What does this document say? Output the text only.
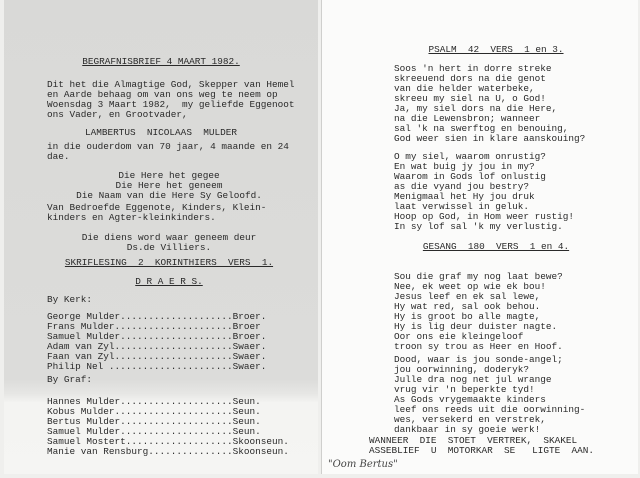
BEGRAFNISBRIEF 4 MAART 1982.
Dit het die Almagtige God, Skepper van Hemel
en Aarde behaag om van ons weg te neem op
Woensdag 3 Maart 1982,  my geliefde Eggenoot
ons Vader, en Grootvader,
LAMBERTUS  NICOLAAS  MULDER
in die ouderdom van 70 jaar, 4 maande en 24
dae.
Die Here het gegee
Die Here het geneem
Die Naam van die Here Sy Geloofd.
Van Bedroefde Eggenote, Kinders, Klein-
kinders en Agter-kleinkinders.
Die diens word waar geneem deur
Ds.de Villiers.
SKRIFLESING  2  KORINTHIERS  VERS  1.
D R A E R S.
By Kerk:
George Mulder....................Broer.
Frans Mulder.....................Broer
Samuel Mulder....................Broer.
Adam van Zyl.....................Swaer.
Faan van Zyl.....................Swaer.
Philip Nel ......................Swaer.
By Graf:
Hannes Mulder....................Seun.
Kobus Mulder.....................Seun.
Bertus Mulder....................Seun.
Samuel Mulder....................Seun.
Samuel Mostert...................Skoonseun.
Manie van Rensburg...............Skoonseun.
PSALM  42  VERS  1 en 3.
Soos 'n hert in dorre streke
skreeuend dors na die genot
van die helder waterbeke,
skreeu my siel na U, o God!
Ja, my siel dors na die Here,
na die Lewensbron; wanneer
sal 'k na swerftog en benouing,
God weer sien in klare aanskouing?
O my siel, waarom onrustig?
En wat buig jy jou in my?
Waarom in Gods lof onlustig
as die vyand jou bestry?
Menigmaal het Hy jou druk
laat verwissel in geluk.
Hoop op God, in Hom weer rustig!
In sy lof sal 'k my verlustig.
GESANG  180  VERS  1 en 4.
Sou die graf my nog laat bewe?
Nee, ek weet op wie ek bou!
Jesus leef en ek sal lewe,
Hy wat red, sal ook behou.
Hy is groot bo alle magte,
Hy is lig deur duister nagte.
Oor ons eie kleingeloof
troon sy trou as Heer en Hoof.
Dood, waar is jou sonde-angel;
jou oorwinning, doderyk?
Julle dra nog net jul wrange
vrug vir 'n beperkte tyd!
As Gods vrygemaakte kinders
leef ons reeds uit die oorwinning-
wes, versekerd en verstrek,
dankbaar in sy goeie werk!
WANNEER  DIE  STOET  VERTREK,  SKAKEL
ASSEBLIEF  U  MOTORKAR  SE   LIGTE  AAN.
"Oom Bertus"
